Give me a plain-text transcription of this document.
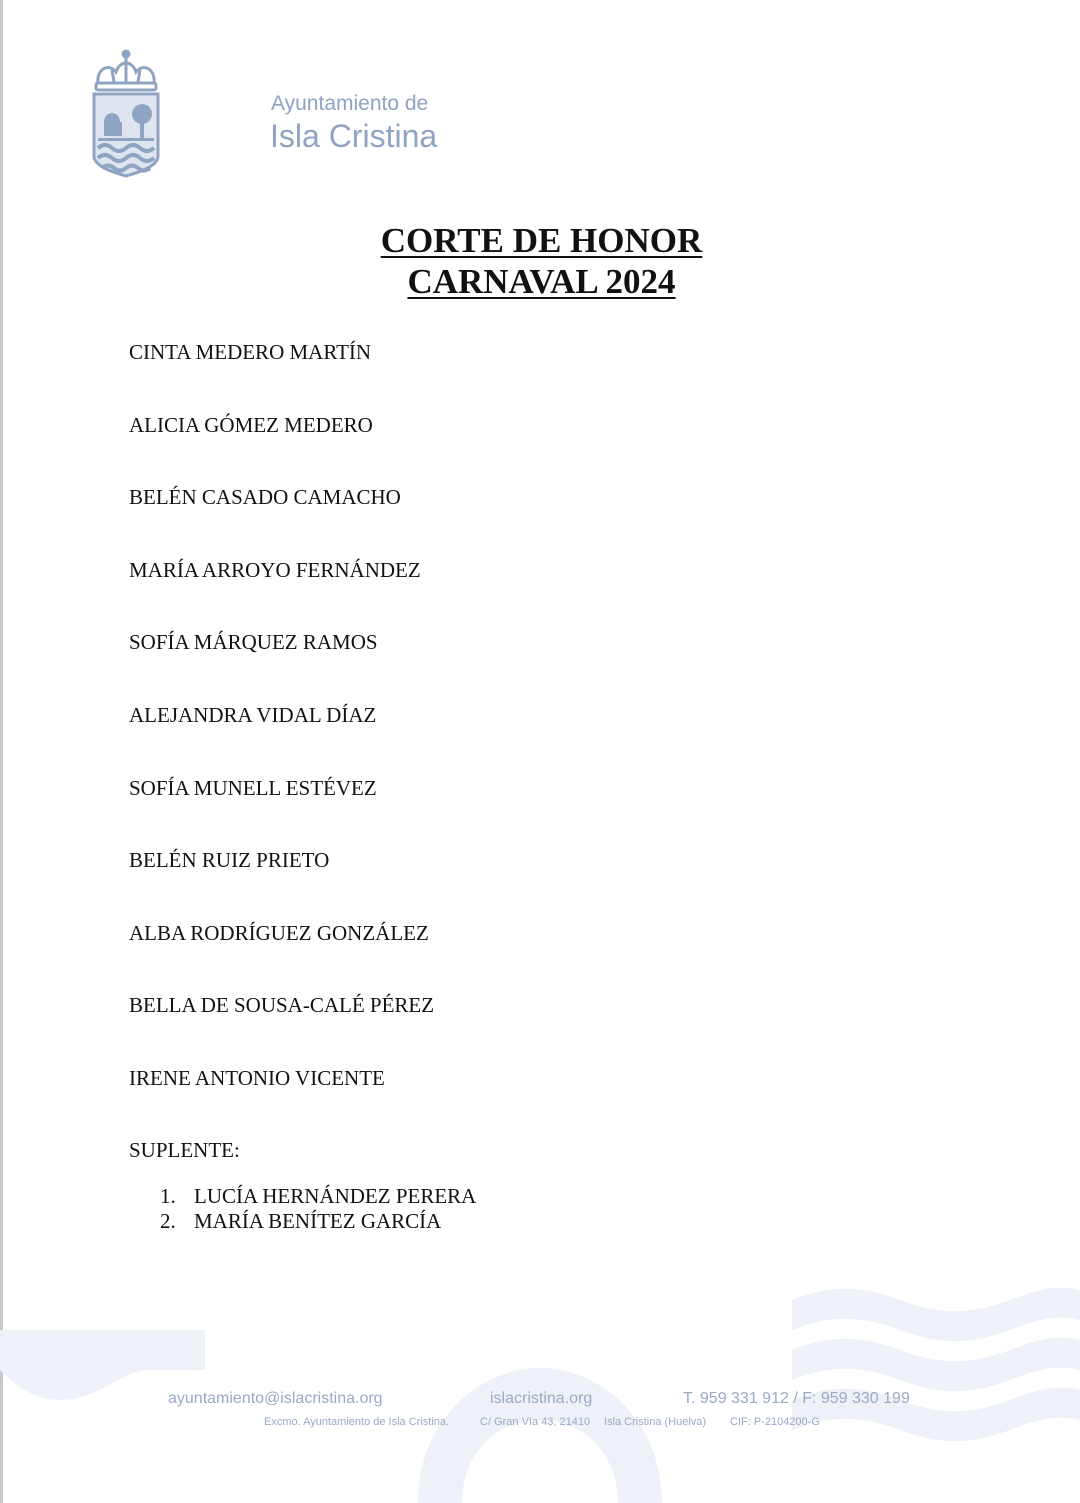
Ayuntamiento de
Isla Cristina
CORTE DE HONOR
CARNAVAL 2024
CINTA MEDERO MARTÍN
ALICIA GÓMEZ MEDERO
BELÉN CASADO CAMACHO
MARÍA ARROYO FERNÁNDEZ
SOFÍA MÁRQUEZ RAMOS
ALEJANDRA VIDAL DÍAZ
SOFÍA MUNELL ESTÉVEZ
BELÉN RUIZ PRIETO
ALBA RODRÍGUEZ GONZÁLEZ
BELLA DE SOUSA-CALÉ PÉREZ
IRENE ANTONIO VICENTE
SUPLENTE:
1. LUCÍA HERNÁNDEZ PERERA
2. MARÍA BENÍTEZ GARCÍA
ayuntamiento@islacristina.org	islacristina.org	T. 959 331 912 / F: 959 330 199
Excmo. Ayuntamiento de Isla Cristina.	C/ Gran Vía 43, 21410 Isla Cristina (Huelva) CIF: P-2104200-G
